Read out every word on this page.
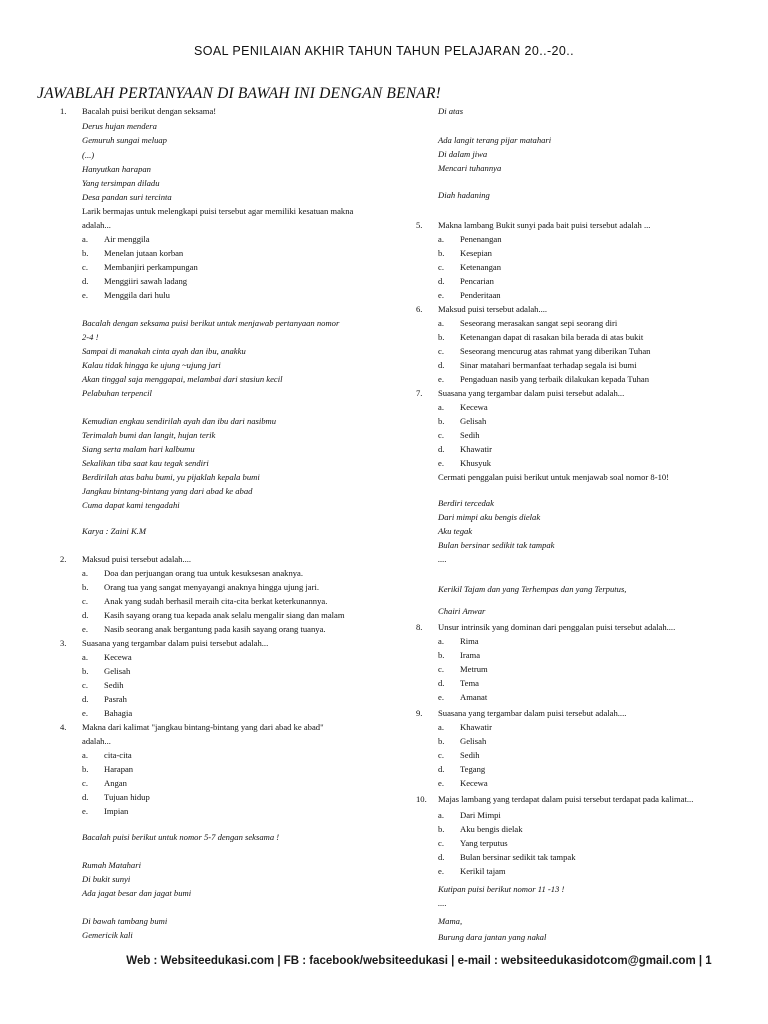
SOAL PENILAIAN AKHIR TAHUN TAHUN PELAJARAN 20..-20..
JAWABLAH PERTANYAAN DI BAWAH INI DENGAN BENAR!
1. Bacalah puisi berikut dengan seksama!
Derus hujan mendera
Gemuruh sungai meluap
(...)
Hanyutkan harapan
Yang tersimpan diladu
Desa pandan suri tercinta
Larik bermajas untuk melengkapi puisi tersebut agar memiliki kesatuan makna
adalah...
a. Air menggila
b. Menelan jutaan korban
c. Membanjiri perkampungan
d. Menggiiri sawah ladang
e. Menggila dari hulu
Bacalah dengan seksama puisi berikut untuk menjawab pertanyaan nomor
2-4 !
Sampai di manakah cinta ayah dan ibu, anakku
Kalau tidak hingga ke ujung ~ujung jari
Akan tinggal saja menggapai, melambai dari stasiun kecil
Pelabuhan terpencil
Kemudian engkau sendirilah ayah dan ibu dari nasibmu
Terimalah bumi dan langit, hujan terik
Siang serta malam hari kalbumu
Sekalikan tiba saat kau tegak sendiri
Berdirilah atas bahu bumi, yu pijaklah kepala bumi
Jangkau bintang-bintang yang dari abad ke abad
Cuma dapat kami tengadahi
Karya : Zaini K.M
2. Maksud puisi tersebut adalah....
a. Doa dan perjuangan orang tua untuk kesuksesan anaknya.
b. Orang tua yang sangat menyayangi anaknya hingga ujung jari.
c. Anak yang sudah berhasil meraih cita-cita berkat keterkunannya.
d. Kasih sayang orang tua kepada anak selalu mengalir siang dan malam
e. Nasib seorang anak bergantung pada kasih sayang orang tuanya.
3. Suasana yang tergambar dalam puisi tersebut adalah...
a. Kecewa
b. Gelisah
c. Sedih
d. Pasrah
e. Bahagia
4. Makna dari kalimat "jangkau bintang-bintang yang dari abad ke abad"
adalah...
a. cita-cita
b. Harapan
c. Angan
d. Tujuan hidup
e. Impian
Bacalah puisi berikut untuk nomor 5-7 dengan seksama !
Rumah Matahari
Di bukit sunyi
Ada jagat besar dan jagat bumi
Di bawah tambang bumi
Gemericik kali
Di atas
Ada langit terang pijar matahari
Di dalam jiwa
Mencari tuhannya
Diah hadaning
5. Makna lambang Bukit sunyi pada bait puisi tersebut adalah ...
a. Penenangan
b. Kesepian
c. Ketenangan
d. Pencarian
e. Penderitaan
6. Maksud puisi tersebut adalah....
a. Seseorang merasakan sangat sepi seorang diri
b. Ketenangan dapat di rasakan bila berada di atas bukit
c. Seseorang mencurug atas rahmat yang diberikan Tuhan
d. Sinar matahari bermanfaat terhadap segala isi bumi
e. Pengaduan nasib yang terbaik dilakukan kepada Tuhan
7. Suasana yang tergambar dalam puisi tersebut adalah...
a. Kecewa
b. Gelisah
c. Sedih
d. Khawatir
e. Khusyuk
Cermati penggalan puisi berikut untuk menjawab soal nomor 8-10!
Berdiri tercedak
Dari mimpi aku bengis dielak
Aku tegak
Bulan bersinar sedikit tak tampak
....
Kerikil Tajam dan yang Terhempas dan yang Terputus,
Chairi Anwar
8. Unsur intrinsik yang dominan dari penggalan puisi tersebut adalah....
a. Rima
b. Irama
c. Metrum
d. Tema
e. Amanat
9. Suasana yang tergambar dalam puisi tersebut adalah....
a. Khawatir
b. Gelisah
c. Sedih
d. Tegang
e. Kecewa
10. Majas lambang yang terdapat dalam puisi tersebut terdapat pada kalimat...
a. Dari Mimpi
b. Aku bengis dielak
c. Yang terputus
d. Bulan bersinar sedikit tak tampak
e. Kerikil tajam
Kutipan puisi berikut nomor 11 -13 !
....
Mama,
Burung dara jantan yang nakal
Web : Websiteedukasi.com | FB : facebook/websiteedukasi | e-mail : websiteedukasidotcom@gmail.com | 1
